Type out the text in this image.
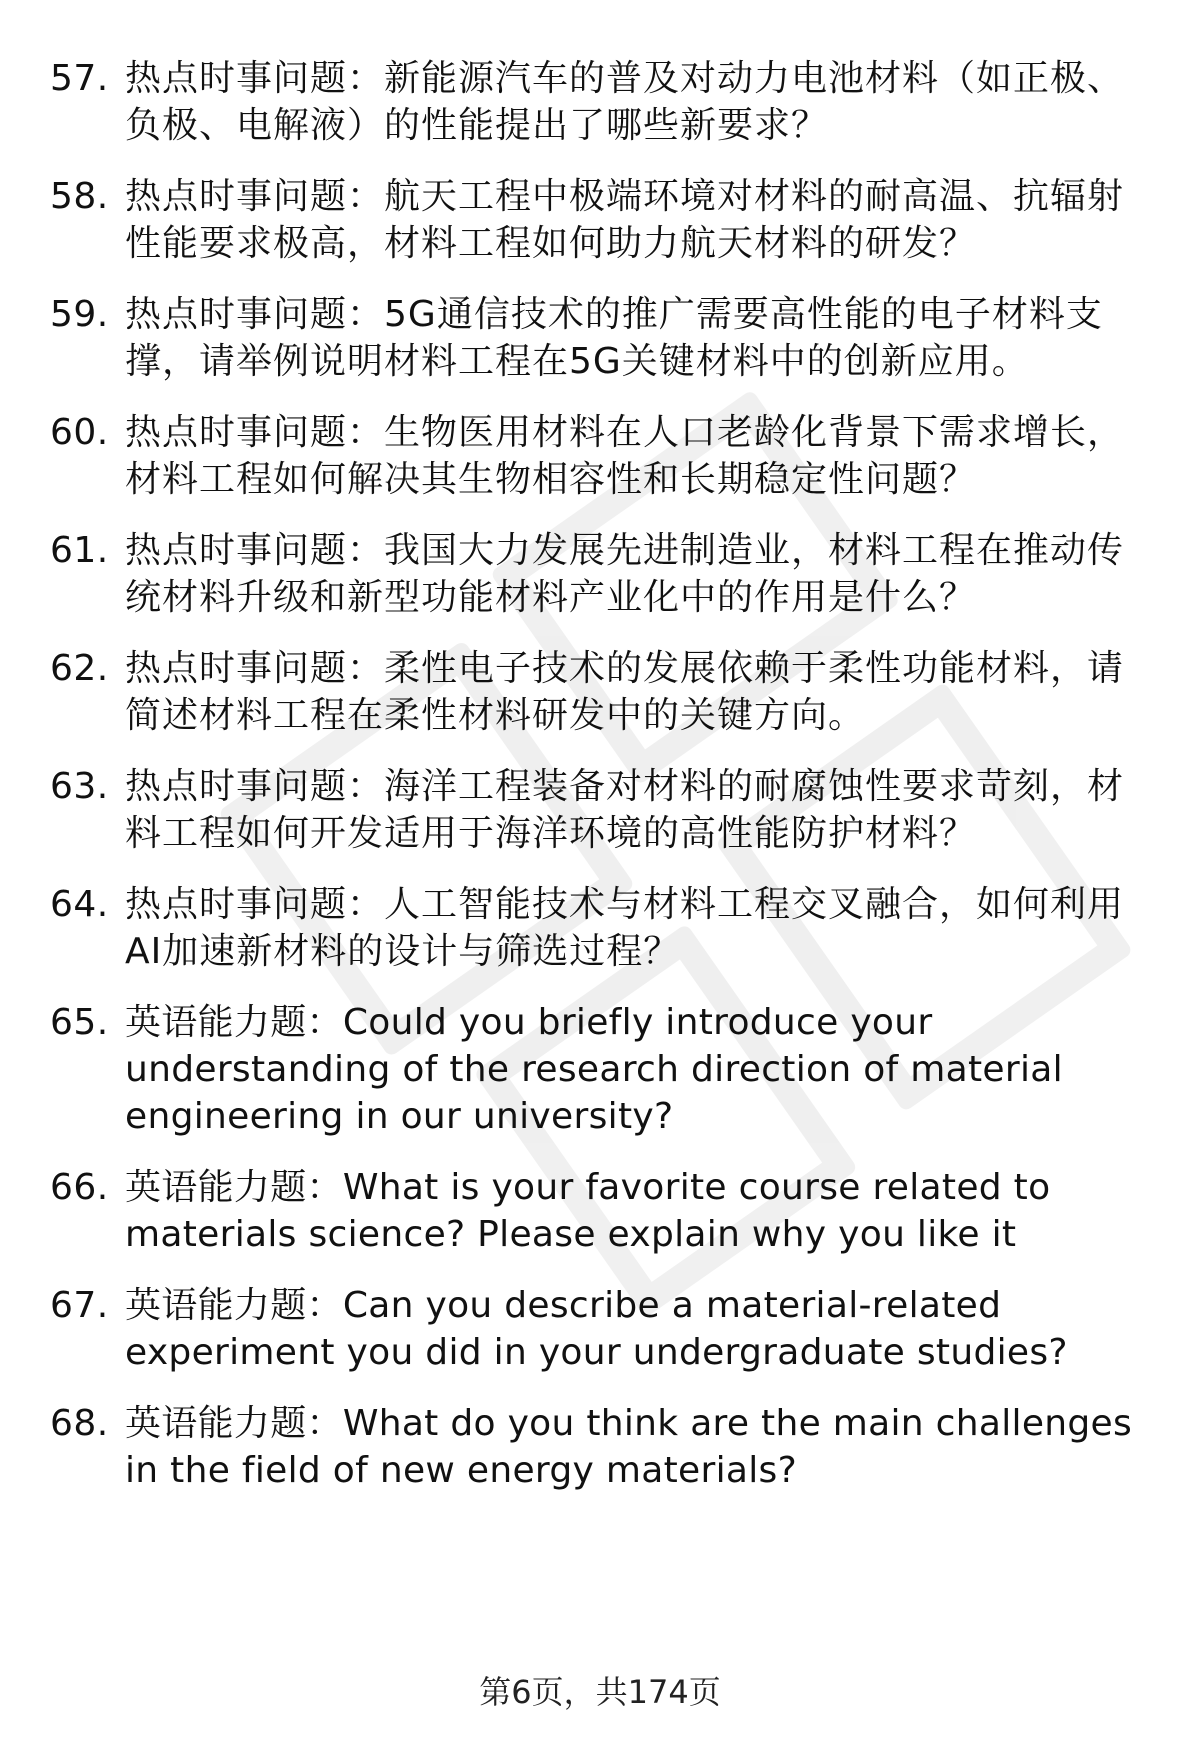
57. 热点时事问题：新能源汽车的普及对动力电池材料（如正极、负极、电解液）的性能提出了哪些新要求？
58. 热点时事问题：航天工程中极端环境对材料的耐高温、抗辐射性能要求极高，材料工程如何助力航天材料的研发？
59. 热点时事问题：5G通信技术的推广需要高性能的电子材料支撑，请举例说明材料工程在5G关键材料中的创新应用。
60. 热点时事问题：生物医用材料在人口老龄化背景下需求增长，材料工程如何解决其生物相容性和长期稳定性问题？
61. 热点时事问题：我国大力发展先进制造业，材料工程在推动传统材料升级和新型功能材料产业化中的作用是什么？
62. 热点时事问题：柔性电子技术的发展依赖于柔性功能材料，请简述材料工程在柔性材料研发中的关键方向。
63. 热点时事问题：海洋工程装备对材料的耐腐蚀性要求苛刻，材料工程如何开发适用于海洋环境的高性能防护材料？
64. 热点时事问题：人工智能技术与材料工程交叉融合，如何利用AI加速新材料的设计与筛选过程？
65. 英语能力题：Could you briefly introduce your understanding of the research direction of material engineering in our university?
66. 英语能力题：What is your favorite course related to materials science? Please explain why you like it
67. 英语能力题：Can you describe a material-related experiment you did in your undergraduate studies?
68. 英语能力题：What do you think are the main challenges in the field of new energy materials?
第6页，共174页
